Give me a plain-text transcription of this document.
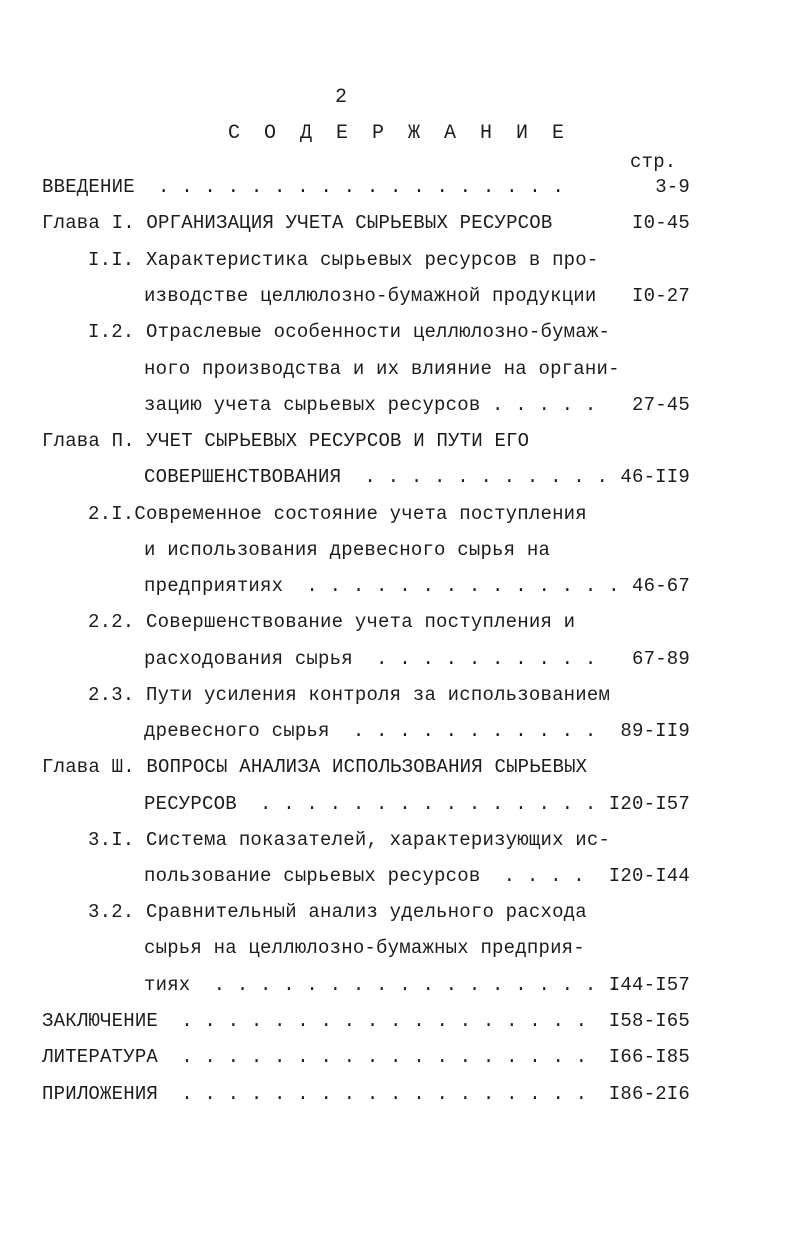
2
С О Д Е Р Ж А Н И Е
стр.
ВВЕДЕНИЕ  . . . . . . . . . . . . . . . . . .	3-9
Глава I. ОРГАНИЗАЦИЯ УЧЕТА СЫРЬЕВЫХ РЕСУРСОВ	I0-45
I.I. Характеристика сырьевых ресурсов в про-
изводстве целлюлозно-бумажной продукции I0-27
I.2. Отраслевые особенности целлюлозно-бумаж-
ного производства и их влияние на органи-
зацию учета сырьевых ресурсов . . . . . 27-45
Глава П. УЧЕТ СЫРЬЕВЫХ РЕСУРСОВ И ПУТИ ЕГО
СОВЕРШЕНСТВОВАНИЯ  . . . . . . . . . . . 46-II9
2.I.Современное состояние учета поступления
и использования древесного сырья на
предприятиях  . . . . . . . . . . . . . . 46-67
2.2. Совершенствование учета поступления и
расходования сырья  . . . . . . . . . . 67-89
2.3. Пути усиления контроля за использованием
древесного сырья  . . . . . . . . . . . 89-II9
Глава Ш. ВОПРОСЫ АНАЛИЗА ИСПОЛЬЗОВАНИЯ СЫРЬЕВЫХ
РЕСУРСОВ  . . . . . . . . . . . . . . . I20-I57
3.I. Система показателей, характеризующих ис-
пользование сырьевых ресурсов  . . . . I20-I44
3.2. Сравнительный анализ удельного расхода
сырья на целлюлозно-бумажных предприя-
тиях  . . . . . . . . . . . . . . . . . .
I44-I57
ЗАКЛЮЧЕНИЕ  . . . . . . . . . . . . . . . . . . I58-I65
ЛИТЕРАТУРА  . . . . . . . . . . . . . . . . . . I66-I85
ПРИЛОЖЕНИЯ  . . . . . . . . . . . . . . . . . . I86-2I6
